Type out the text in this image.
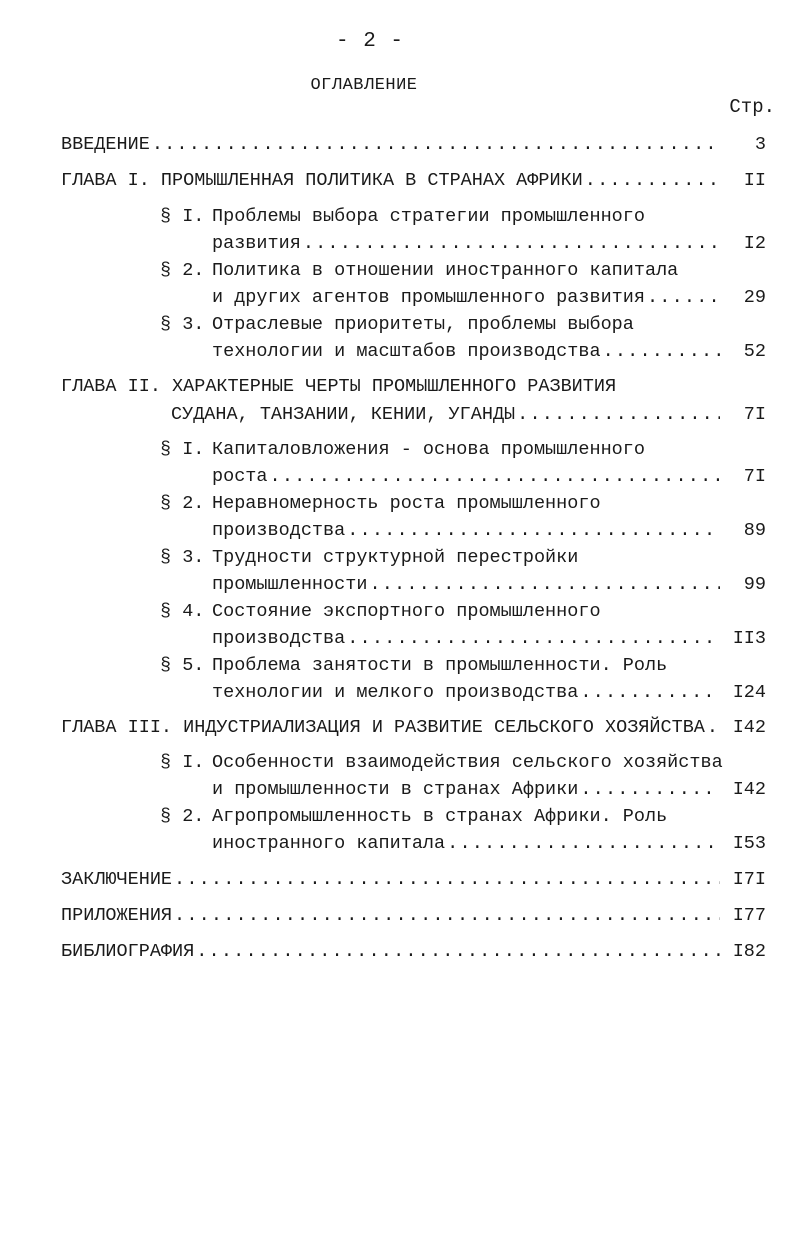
- 2 -
ОГЛАВЛЕНИЕ
Стр.
ВВЕДЕНИЕ .....	3
ГЛАВА I. ПРОМЫШЛЕННАЯ ПОЛИТИКА В СТРАНАХ АФРИКИ .....	II
§ I. Проблемы выбора стратегии промышленного
развития .....	I2
§ 2. Политика в отношении иностранного капитала
и других агентов промышленного развития .....	29
§ 3. Отраслевые приоритеты, проблемы выбора
технологии и масштабов производства .....	52
ГЛАВА II. ХАРАКТЕРНЫЕ ЧЕРТЫ ПРОМЫШЛЕННОГО РАЗВИТИЯ
СУДАНА, ТАНЗАНИИ, КЕНИИ, УГАНДЫ .....	7I
§ I. Капиталовложения - основа промышленного
роста .....	7I
§ 2. Неравномерность роста промышленного
производства .....	89
§ 3. Трудности структурной перестройки
промышленности .....	99
§ 4. Состояние экспортного промышленного
производства .....	II3
§ 5. Проблема занятости в промышленности. Роль
технологии и мелкого производства .....	I24
ГЛАВА III. ИНДУСТРИАЛИЗАЦИЯ И РАЗВИТИЕ СЕЛЬСКОГО ХОЗЯЙСТВА .....	I42
§ I. Особенности взаимодействия сельского хозяйства
и промышленности в странах Африки .....	I42
§ 2. Агропромышленность в странах Африки. Роль
иностранного капитала .....	I53
ЗАКЛЮЧЕНИЕ .....	I7I
ПРИЛОЖЕНИЯ .....	I77
БИБЛИОГРАФИЯ .....	I82
